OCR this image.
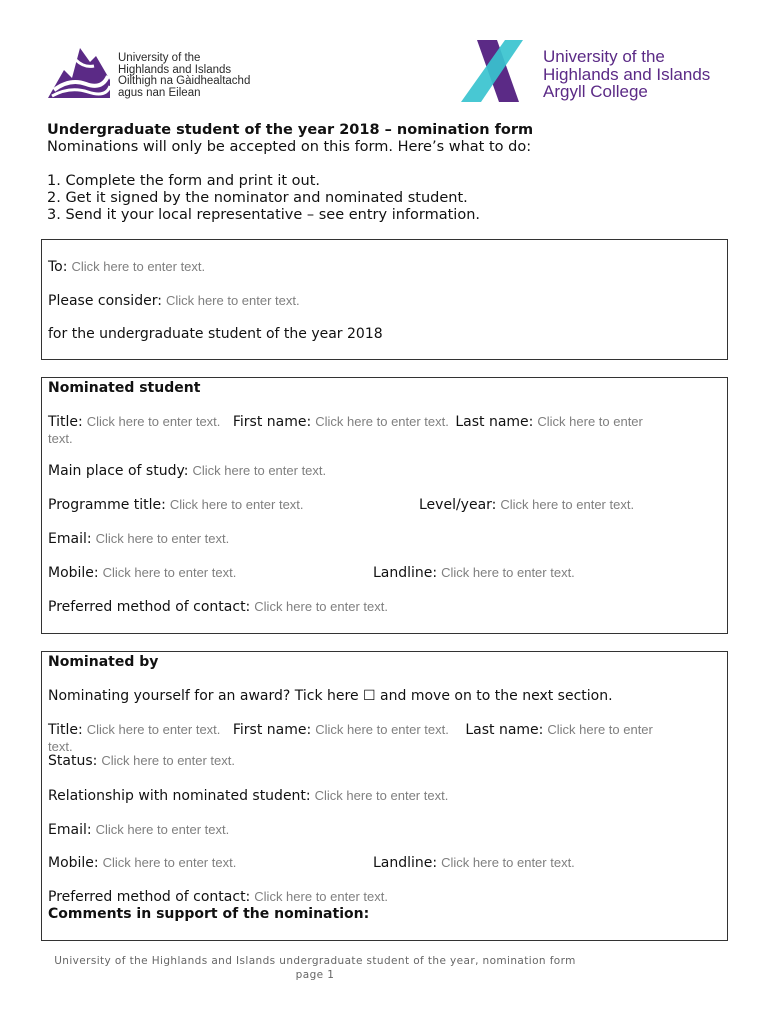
University of the
Highlands and Islands
Oilthigh na Gàidhealtachd
agus nan Eilean
University of the
Highlands and Islands
Argyll College
Undergraduate student of the year 2018 – nomination form
Nominations will only be accepted on this form. Here’s what to do:
1. Complete the form and print it out.
2. Get it signed by the nominator and nominated student.
3. Send it your local representative – see entry information.
To: Click here to enter text.
Please consider: Click here to enter text.
for the undergraduate student of the year 2018
Nominated student
Title: Click here to enter text. First name: Click here to enter text. Last name: Click here to enter
text.
Main place of study: Click here to enter text.
Programme title: Click here to enter text.	Level/year: Click here to enter text.
Email: Click here to enter text.
Mobile: Click here to enter text.	Landline: Click here to enter text.
Preferred method of contact: Click here to enter text.
Nominated by
Nominating yourself for an award? Tick here ☐ and move on to the next section.
Title: Click here to enter text. First name: Click here to enter text. Last name: Click here to enter
text.
Status: Click here to enter text.
Relationship with nominated student: Click here to enter text.
Email: Click here to enter text.
Mobile: Click here to enter text.	Landline: Click here to enter text.
Preferred method of contact: Click here to enter text.
Comments in support of the nomination:
University of the Highlands and Islands undergraduate student of the year, nomination form
page 1
